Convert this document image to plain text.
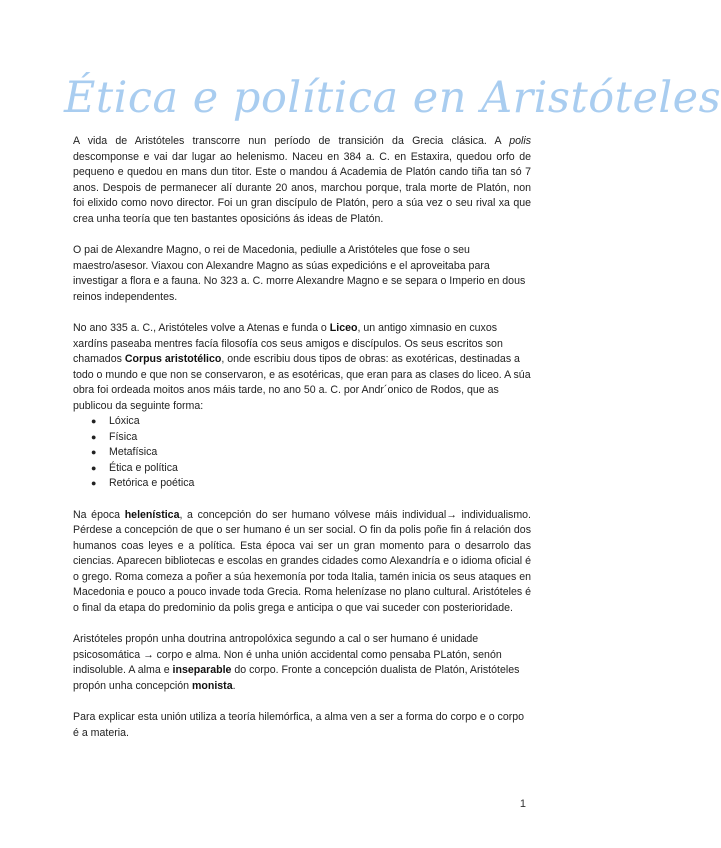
Ética e política en Aristóteles

A vida de Aristóteles transcorre nun período de transición da Grecia clásica. A polis descomponse e vai dar lugar ao helenismo. Naceu en 384 a. C. en Estaxira, quedou orfo de pequeno e quedou en mans dun titor. Este o mandou á Academia de Platón cando tiña tan só 7 anos. Despois de permanecer alí durante 20 anos, marchou porque, trala morte de Platón, non foi elixido como novo director. Foi un gran discípulo de Platón, pero a súa vez o seu rival xa que crea unha teoría que ten bastantes oposicións ás ideas de Platón.

O pai de Alexandre Magno, o rei de Macedonia, pediulle a Aristóteles que fose o seu maestro/asesor. Viaxou con Alexandre Magno as súas expedicións e el aproveitaba para investigar a flora e a fauna. No 323 a. C. morre Alexandre Magno e se separa o Imperio en dous reinos independentes.

No ano 335 a. C., Aristóteles volve a Atenas e funda o Liceo, un antigo ximnasio en cuxos xardíns paseaba mentres facía filosofía cos seus amigos e discípulos. Os seus escritos son chamados Corpus aristotélico, onde escribiu dous tipos de obras: as exotéricas, destinadas a todo o mundo e que non se conservaron, e as esotéricas, que eran para as clases do liceo. A súa obra foi ordeada moitos anos máis tarde, no ano 50 a. C. por Andr´onico de Rodos, que as publicou da seguinte forma:

● Lóxica
● Física
● Metafísica
● Ética e política
● Retórica e poética

Na época helenística, a concepción do ser humano vólvese máis individual→ individualismo. Pérdese a concepción de que o ser humano é un ser social. O fin da polis poñe fin á relación dos humanos coas leyes e a política. Esta época vai ser un gran momento para o desarrolo das ciencias. Aparecen bibliotecas e escolas en grandes cidades como Alexandría e o idioma oficial é o grego. Roma comeza a poñer a súa hexemonía por toda Italia, tamén inicia os seus ataques en Macedonia e pouco a pouco invade toda Grecia. Roma helenízase no plano cultural. Aristóteles é o final da etapa do predominio da polis grega e anticipa o que vai suceder con posterioridade.

Aristóteles propón unha doutrina antropolóxica segundo a cal o ser humano é unidade psicosomática → corpo e alma. Non é unha unión accidental como pensaba PLatón, senón indisoluble. A alma e inseparable do corpo. Fronte a concepción dualista de Platón, Aristóteles propón unha concepción monista.

Para explicar esta unión utiliza a teoría hilemórfica, a alma ven a ser a forma do corpo e o corpo é a materia.

1
